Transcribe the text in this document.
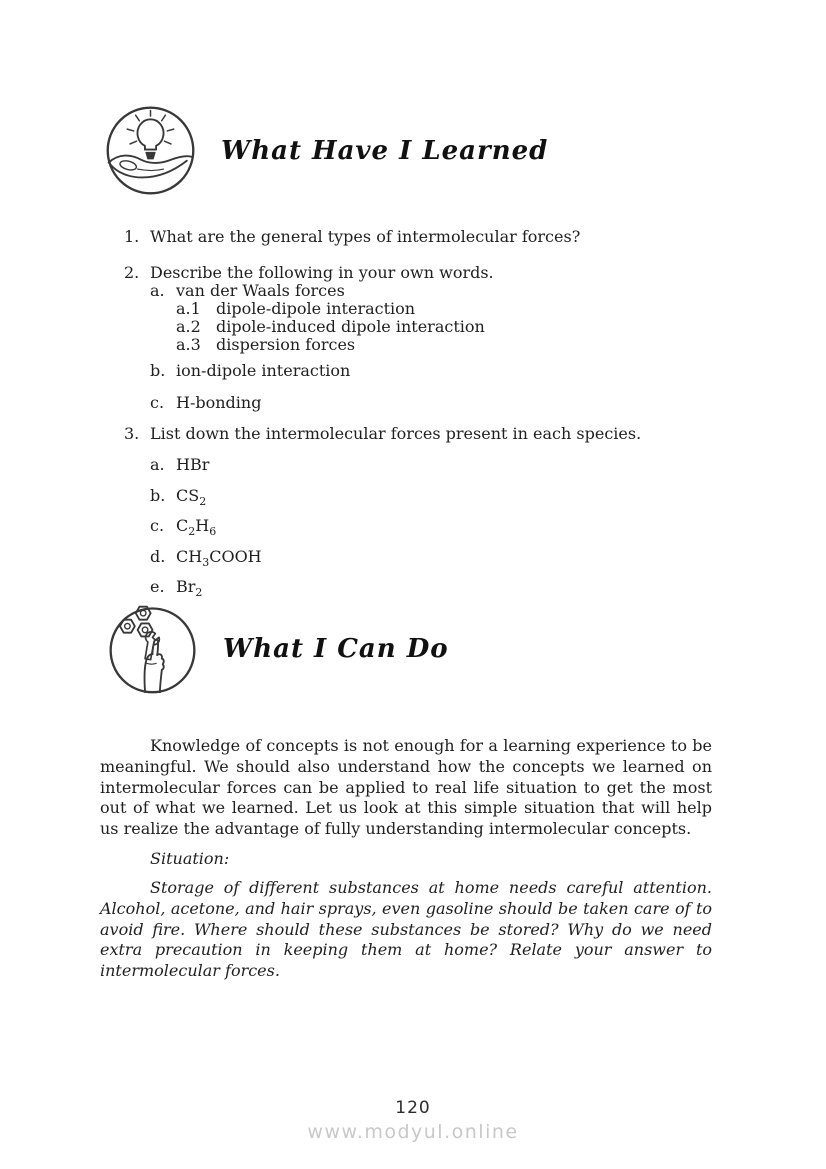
What Have I Learned
1. What are the general types of intermolecular forces?
2. Describe the following in your own words.
a. van der Waals forces
a.1 dipole-dipole interaction
a.2 dipole-induced dipole interaction
a.3 dispersion forces
b. ion-dipole interaction
c. H-bonding
3. List down the intermolecular forces present in each species.
a. HBr
b. $CS_2$
c. $C_2H_6$
d. $CH_3COOH$
e. $Br_2$
What I Can Do

Knowledge of concepts is not enough for a learning experience to be meaningful. We should also understand how the concepts we learned on intermolecular forces can be applied to real life situation to get the most out of what we learned. Let us look at this simple situation that will help us realize the advantage of fully understanding intermolecular concepts.

Situation:

Storage of different substances at home needs careful attention. Alcohol, acetone, and hair sprays, even gasoline should be taken care of to avoid fire. Where should these substances be stored? Why do we need extra precaution in keeping them at home? Relate your answer to intermolecular forces.

120
www.modyul.online
